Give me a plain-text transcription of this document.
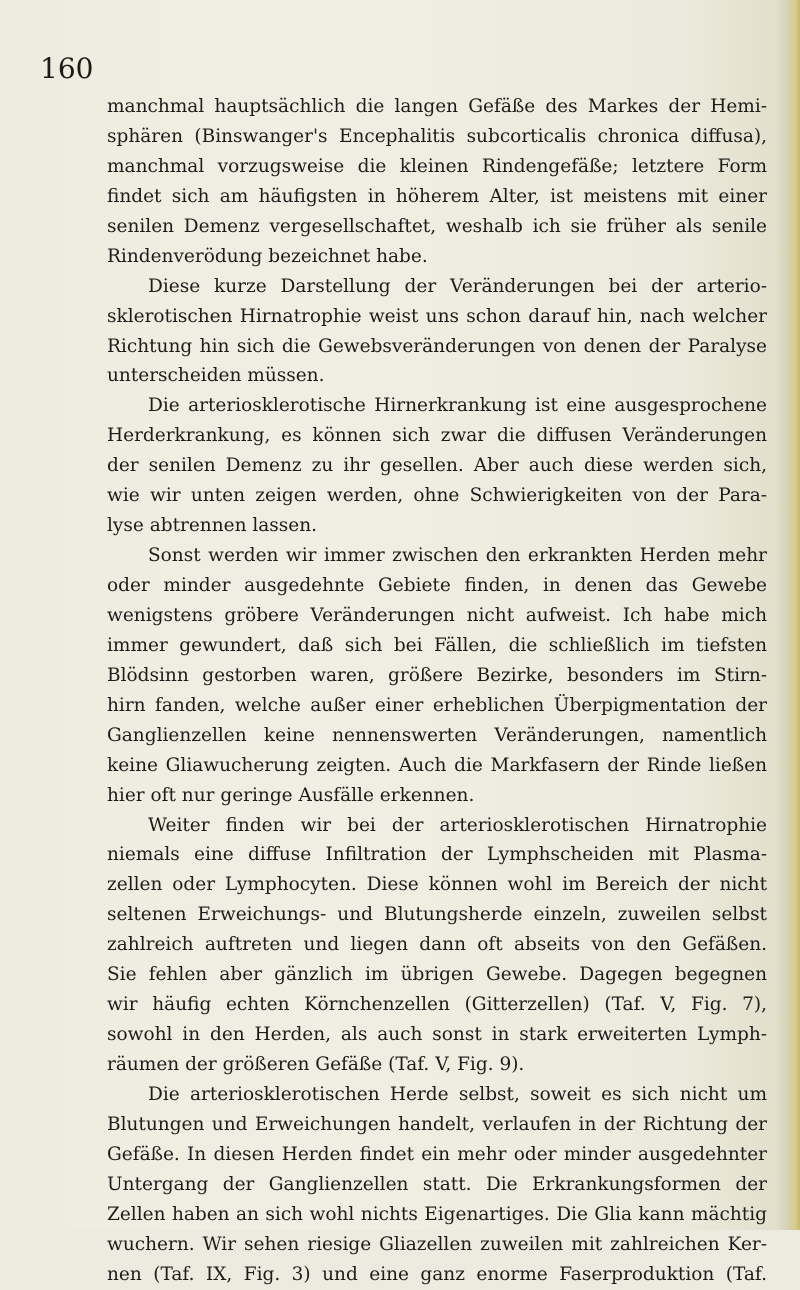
160
manchmal hauptsächlich die langen Gefäße des Markes der Hemi-
sphären (Binswanger's Encephalitis subcorticalis chronica diffusa),
manchmal vorzugsweise die kleinen Rindengefäße; letztere Form
findet sich am häufigsten in höherem Alter, ist meistens mit einer
senilen Demenz vergesellschaftet, weshalb ich sie früher als senile
Rindenverödung bezeichnet habe.
Diese kurze Darstellung der Veränderungen bei der arterio-
sklerotischen Hirnatrophie weist uns schon darauf hin, nach welcher
Richtung hin sich die Gewebsveränderungen von denen der Paralyse
unterscheiden müssen.
Die arteriosklerotische Hirnerkrankung ist eine ausgesprochene
Herderkrankung, es können sich zwar die diffusen Veränderungen
der senilen Demenz zu ihr gesellen. Aber auch diese werden sich,
wie wir unten zeigen werden, ohne Schwierigkeiten von der Para-
lyse abtrennen lassen.
Sonst werden wir immer zwischen den erkrankten Herden mehr
oder minder ausgedehnte Gebiete finden, in denen das Gewebe
wenigstens gröbere Veränderungen nicht aufweist. Ich habe mich
immer gewundert, daß sich bei Fällen, die schließlich im tiefsten
Blödsinn gestorben waren, größere Bezirke, besonders im Stirn-
hirn fanden, welche außer einer erheblichen Überpigmentation der
Ganglienzellen keine nennenswerten Veränderungen, namentlich
keine Gliawucherung zeigten. Auch die Markfasern der Rinde ließen
hier oft nur geringe Ausfälle erkennen.
Weiter finden wir bei der arteriosklerotischen Hirnatrophie
niemals eine diffuse Infiltration der Lymphscheiden mit Plasma-
zellen oder Lymphocyten. Diese können wohl im Bereich der nicht
seltenen Erweichungs- und Blutungsherde einzeln, zuweilen selbst
zahlreich auftreten und liegen dann oft abseits von den Gefäßen.
Sie fehlen aber gänzlich im übrigen Gewebe. Dagegen begegnen
wir häufig echten Körnchenzellen (Gitterzellen) (Taf. V, Fig. 7),
sowohl in den Herden, als auch sonst in stark erweiterten Lymph-
räumen der größeren Gefäße (Taf. V, Fig. 9).
Die arteriosklerotischen Herde selbst, soweit es sich nicht um
Blutungen und Erweichungen handelt, verlaufen in der Richtung der
Gefäße. In diesen Herden findet ein mehr oder minder ausgedehnter
Untergang der Ganglienzellen statt. Die Erkrankungsformen der
Zellen haben an sich wohl nichts Eigenartiges. Die Glia kann mächtig
wuchern. Wir sehen riesige Gliazellen zuweilen mit zahlreichen Ker-
nen (Taf. IX, Fig. 3) und eine ganz enorme Faserproduktion (Taf.
